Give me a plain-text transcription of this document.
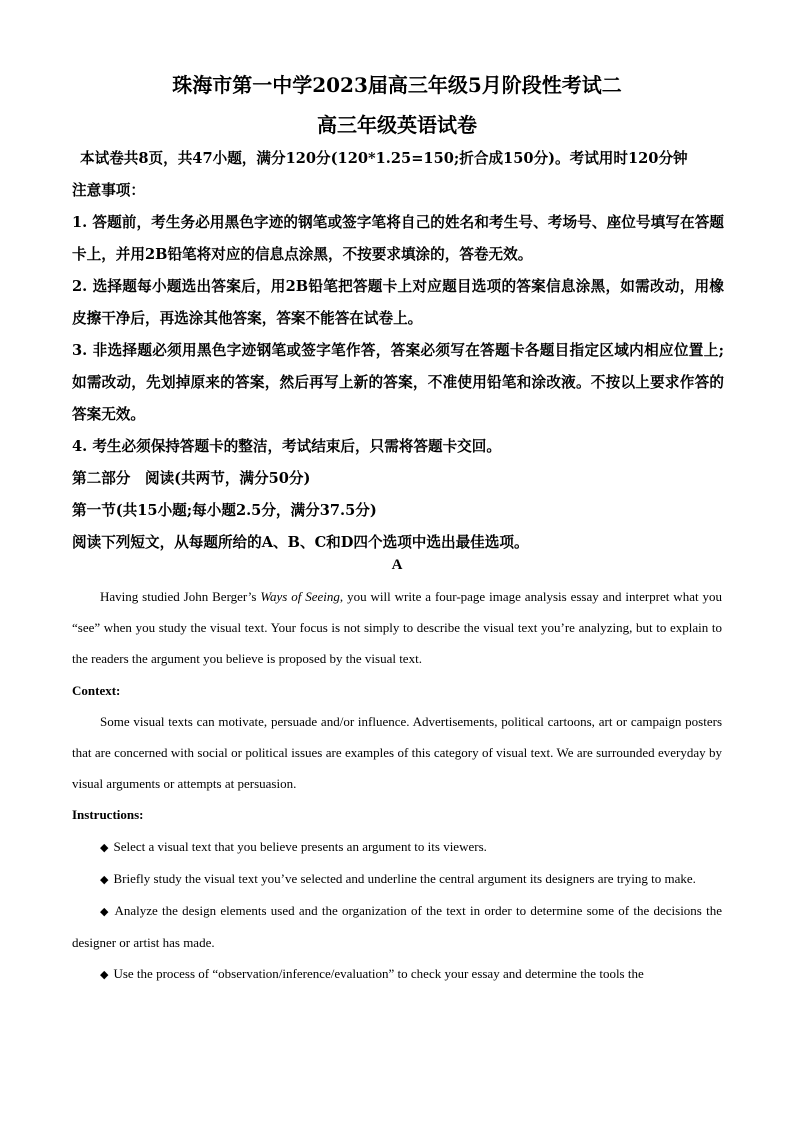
珠海市第一中学2023届高三年级5月阶段性考试二
高三年级英语试卷

本试卷共8页，共47小题，满分120分(120*1.25=150;折合成150分)。考试用时120分钟

注意事项：

1. 答题前，考生务必用黑色字迹的钢笔或签字笔将自己的姓名和考生号、考场号、座位号填写在答题卡上，并用2B铅笔将对应的信息点涂黑，不按要求填涂的，答卷无效。

2. 选择题每小题选出答案后，用2B铅笔把答题卡上对应题目选项的答案信息涂黑，如需改动，用橡皮擦干净后，再选涂其他答案，答案不能答在试卷上。

3. 非选择题必须用黑色字迹钢笔或签字笔作答，答案必须写在答题卡各题目指定区域内相应位置上;如需改动，先划掉原来的答案，然后再写上新的答案，不准使用铅笔和涂改液。不按以上要求作答的答案无效。

4. 考生必须保持答题卡的整洁，考试结束后，只需将答题卡交回。

第二部分　阅读(共两节，满分50分)

第一节(共15小题;每小题2.5分，满分37.5分)

阅读下列短文，从每题所给的A、B、C和D四个选项中选出最佳选项。

A

Having studied John Berger’s Ways of Seeing, you will write a four-page image analysis essay and interpret what you “see” when you study the visual text. Your focus is not simply to describe the visual text you’re analyzing, but to explain to the readers the argument you believe is proposed by the visual text.

Context:

Some visual texts can motivate, persuade and/or influence. Advertisements, political cartoons, art or campaign posters that are concerned with social or political issues are examples of this category of visual text. We are surrounded everyday by visual arguments or attempts at persuasion.

Instructions:

◆ Select a visual text that you believe presents an argument to its viewers.

◆ Briefly study the visual text you’ve selected and underline the central argument its designers are trying to make.

◆ Analyze the design elements used and the organization of the text in order to determine some of the decisions the designer or artist has made.

◆ Use the process of “observation/inference/evaluation” to check your essay and determine the tools the
